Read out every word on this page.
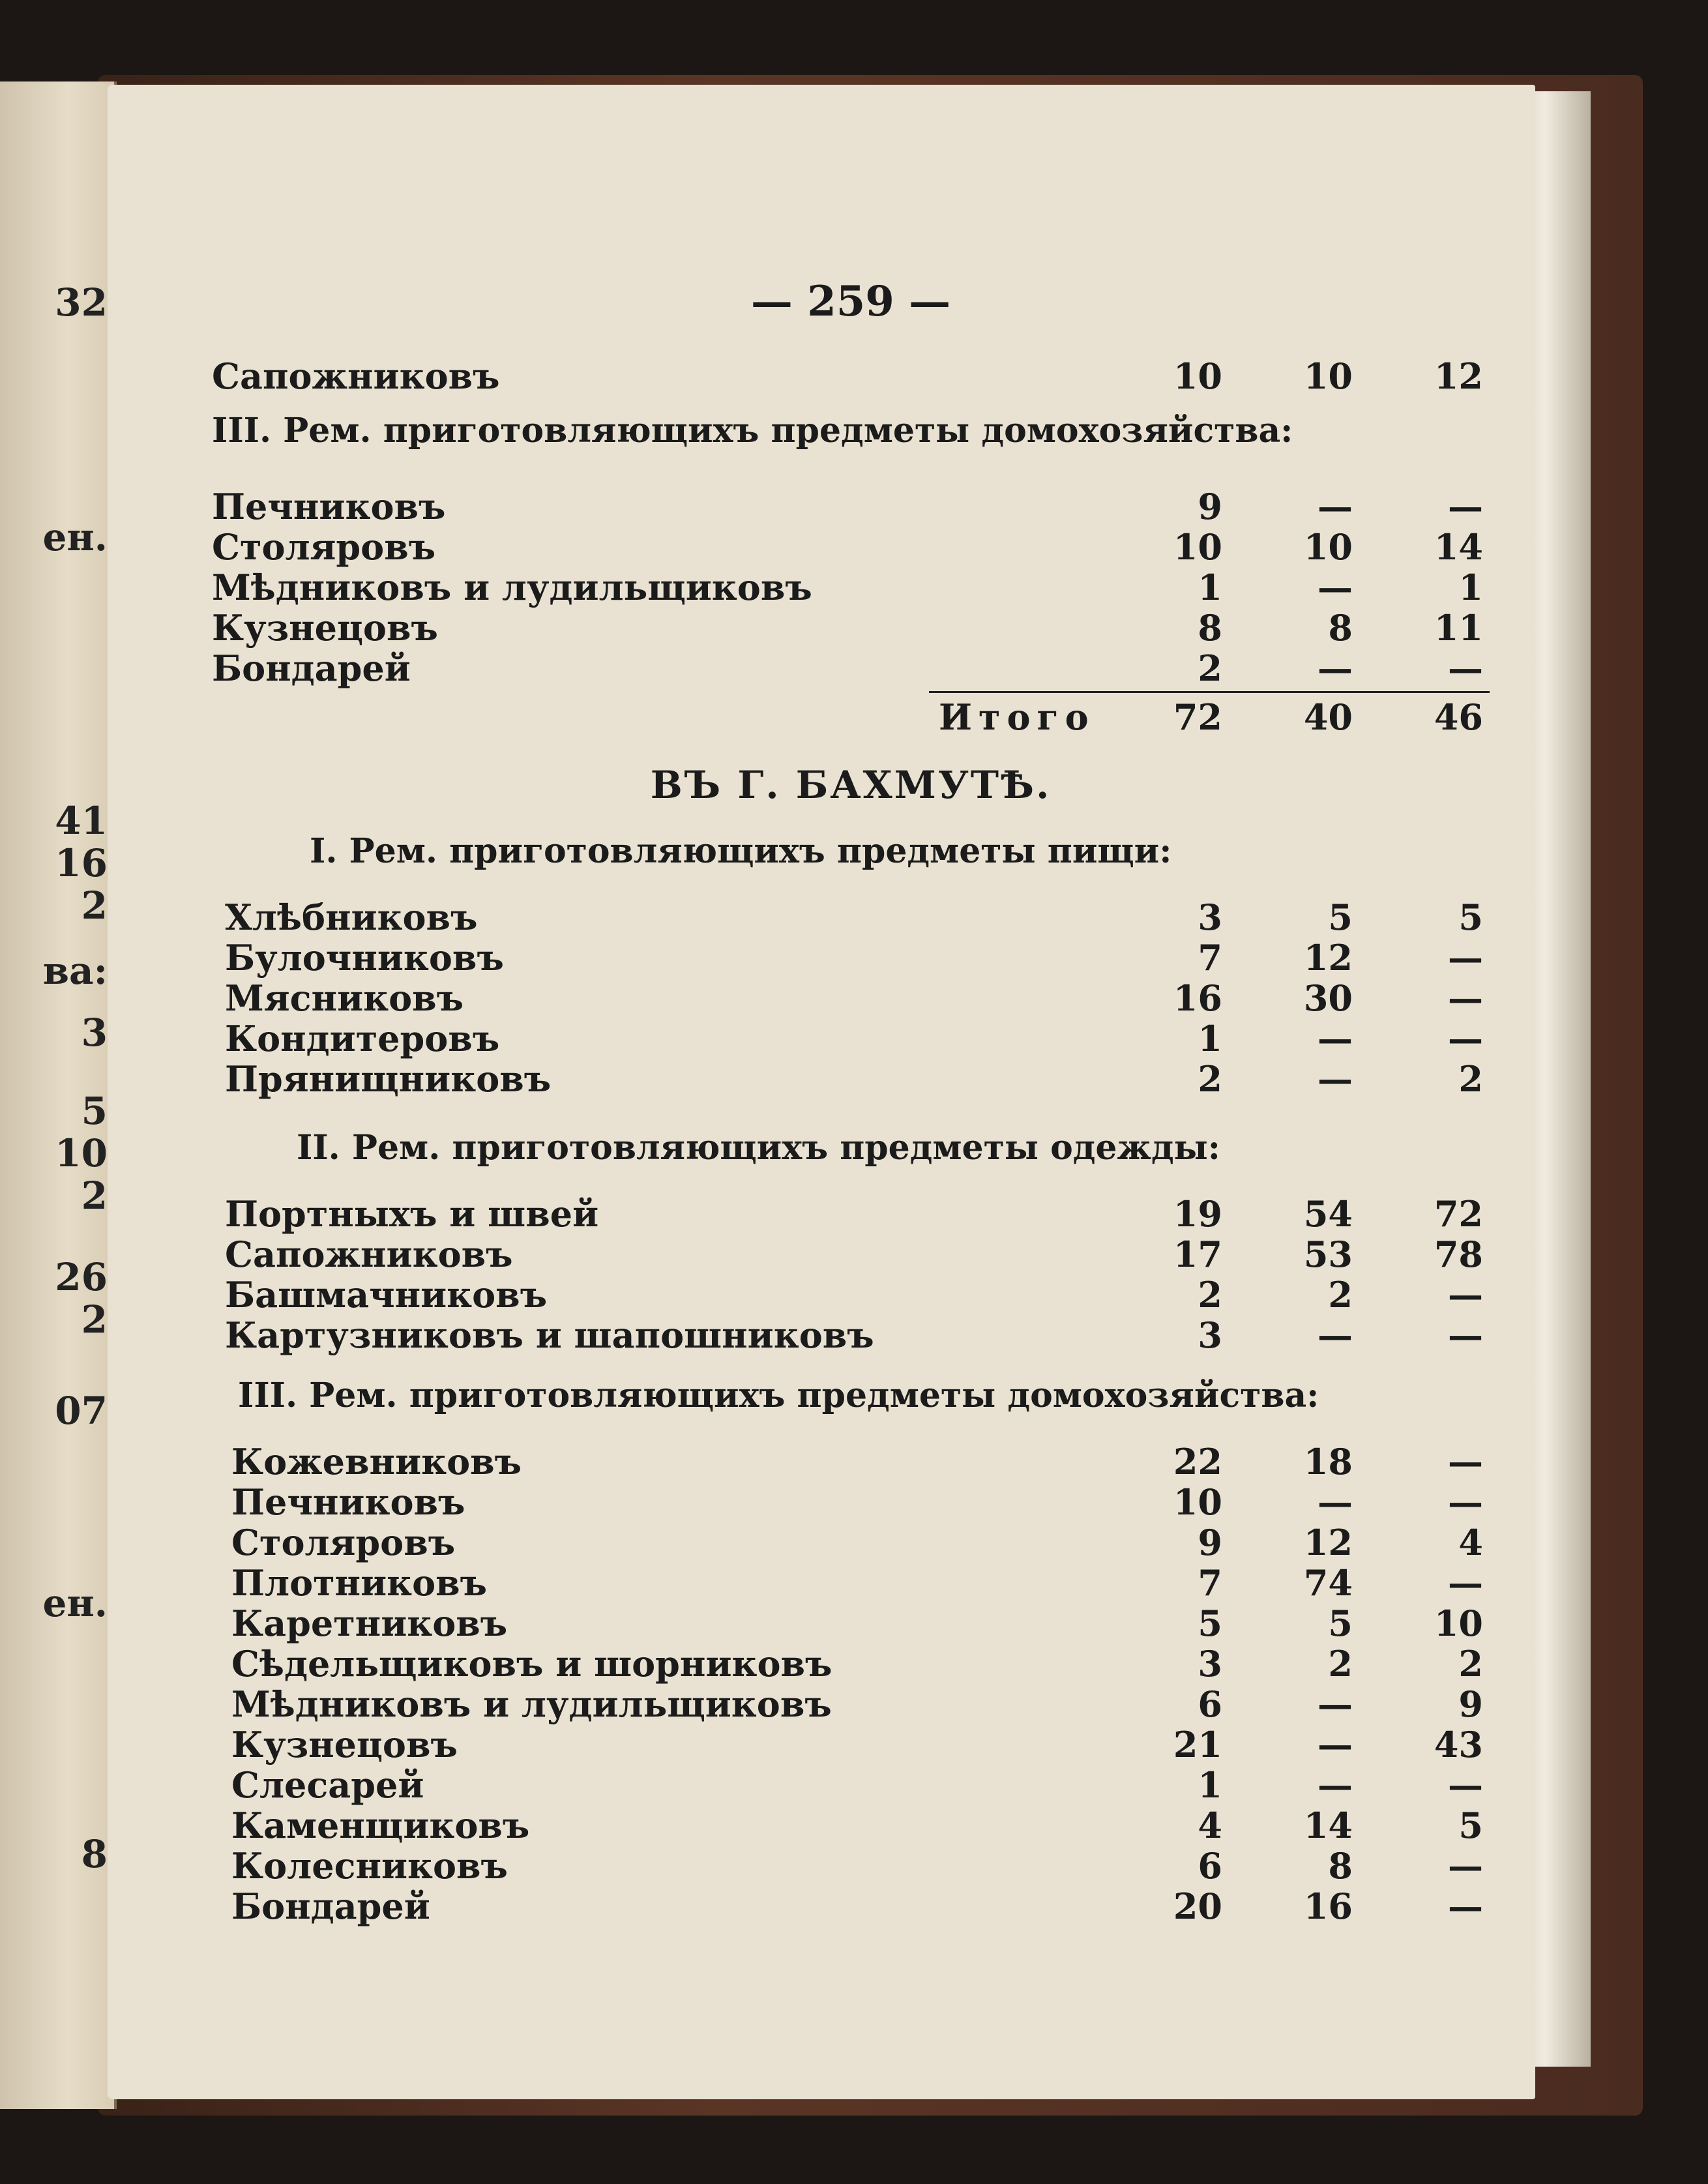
32
ен.
41
16
2
ва:
3
5
10
2
26
2
07
ен.
8
— 259 —
Сапожниковъ	10	10	12
III. Рем. приготовляющихъ предметы домохозяйства:
Печниковъ	9	—	—
Столяровъ	10	10	14
Мѣдниковъ и лудильщиковъ	1	—	1
Кузнецовъ	8	8	11
Бондарей	2	—	—
Итого	72	40	46
ВЪ Г. БАХМУТѢ.
I. Рем. приготовляющихъ предметы пищи:
Хлѣбниковъ	3	5	5
Булочниковъ	7	12	—
Мясниковъ	16	30	—
Кондитеровъ	1	—	—
Прянищниковъ	2	—	2
II. Рем. приготовляющихъ предметы одежды:
Портныхъ и швей	19	54	72
Сапожниковъ	17	53	78
Башмачниковъ	2	2	—
Картузниковъ и шапошниковъ	3	—	—
III. Рем. приготовляющихъ предметы домохозяйства:
Кожевниковъ	22	18	—
Печниковъ	10	—	—
Столяровъ	9	12	4
Плотниковъ	7	74	—
Каретниковъ	5	5	10
Сѣдельщиковъ и шорниковъ	3	2	2
Мѣдниковъ и лудильщиковъ	6	—	9
Кузнецовъ	21	—	43
Слесарей	1	—	—
Каменщиковъ	4	14	5
Колесниковъ	6	8	—
Бондарей	20	16	—
